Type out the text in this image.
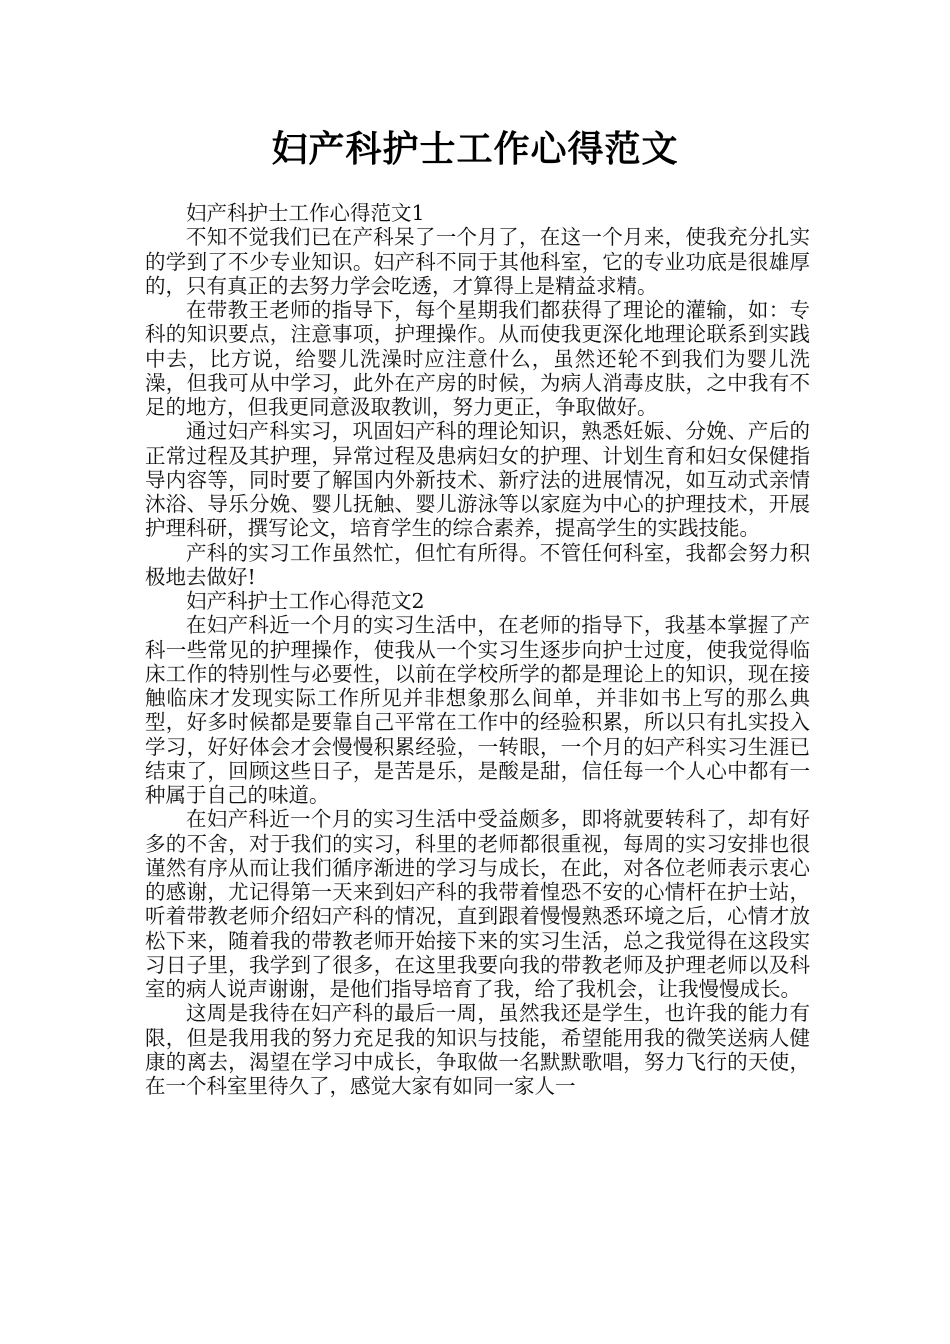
妇产科护士工作心得范文

妇产科护士工作心得范文1

不知不觉我们已在产科呆了一个月了，在这一个月来，使我充分扎实的学到了不少专业知识。妇产科不同于其他科室，它的专业功底是很雄厚的，只有真正的去努力学会吃透，才算得上是精益求精。

在带教王老师的指导下，每个星期我们都获得了理论的灌输，如：专科的知识要点，注意事项，护理操作。从而使我更深化地理论联系到实践中去，比方说，给婴儿洗澡时应注意什么，虽然还轮不到我们为婴儿洗澡，但我可从中学习，此外在产房的时候，为病人消毒皮肤，之中我有不足的地方，但我更同意汲取教训，努力更正，争取做好。

通过妇产科实习，巩固妇产科的理论知识，熟悉妊娠、分娩、产后的正常过程及其护理，异常过程及患病妇女的护理、计划生育和妇女保健指导内容等，同时要了解国内外新技术、新疗法的进展情况，如互动式亲情沐浴、导乐分娩、婴儿抚触、婴儿游泳等以家庭为中心的护理技术，开展护理科研，撰写论文，培育学生的综合素养，提高学生的实践技能。

产科的实习工作虽然忙，但忙有所得。不管任何科室，我都会努力积极地去做好!

妇产科护士工作心得范文2

在妇产科近一个月的实习生活中，在老师的指导下，我基本掌握了产科一些常见的护理操作，使我从一个实习生逐步向护士过度，使我觉得临床工作的特别性与必要性，以前在学校所学的都是理论上的知识，现在接触临床才发现实际工作所见并非想象那么间单，并非如书上写的那么典型，好多时候都是要靠自己平常在工作中的经验积累，所以只有扎实投入学习，好好体会才会慢慢积累经验，一转眼，一个月的妇产科实习生涯已结束了，回顾这些日子，是苦是乐，是酸是甜，信任每一个人心中都有一种属于自己的味道。

在妇产科近一个月的实习生活中受益颇多，即将就要转科了，却有好多的不舍，对于我们的实习，科里的老师都很重视，每周的实习安排也很谨然有序从而让我们循序渐进的学习与成长，在此，对各位老师表示衷心的感谢，尤记得第一天来到妇产科的我带着惶恐不安的心情杆在护士站，听着带教老师介绍妇产科的情况，直到跟着慢慢熟悉环境之后，心情才放松下来，随着我的带教老师开始接下来的实习生活，总之我觉得在这段实习日子里，我学到了很多，在这里我要向我的带教老师及护理老师以及科室的病人说声谢谢，是他们指导培育了我，给了我机会，让我慢慢成长。

这周是我待在妇产科的最后一周，虽然我还是学生，也许我的能力有限，但是我用我的努力充足我的知识与技能，希望能用我的微笑送病人健康的离去，渴望在学习中成长，争取做一名默默歌唱，努力飞行的天使，在一个科室里待久了，感觉大家有如同一家人一
